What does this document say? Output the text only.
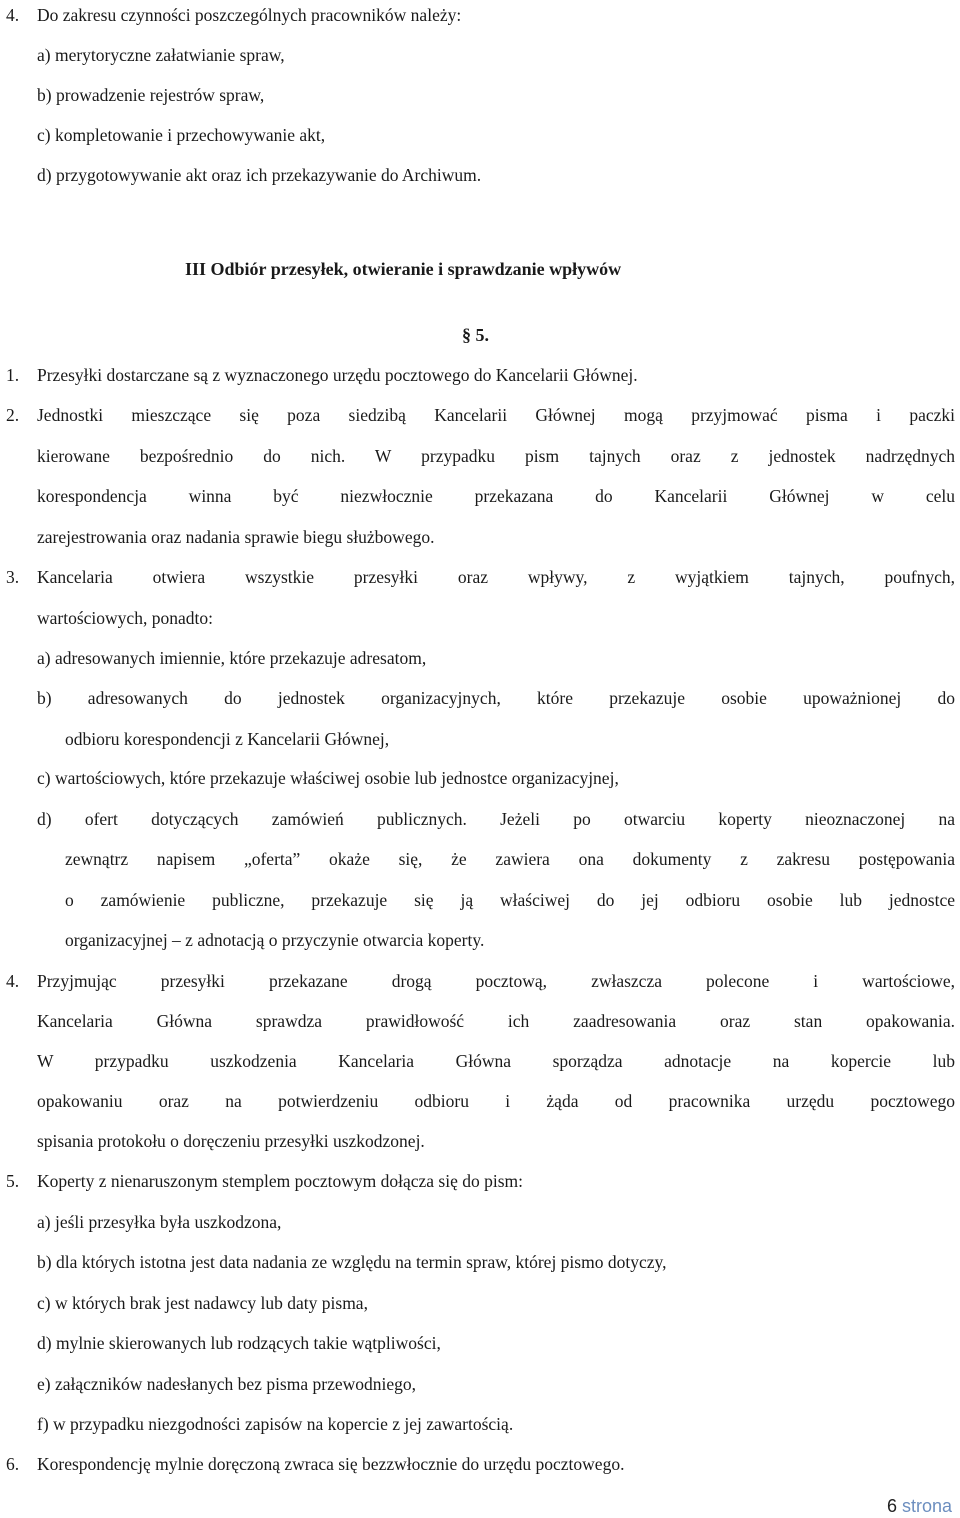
4. Do zakresu czynności poszczególnych pracowników należy:
a) merytoryczne załatwianie spraw,
b) prowadzenie rejestrów spraw,
c) kompletowanie i przechowywanie akt,
d) przygotowywanie akt oraz ich przekazywanie do Archiwum.
III Odbiór przesyłek, otwieranie i sprawdzanie wpływów
§ 5.
1. Przesyłki dostarczane są z wyznaczonego urzędu pocztowego do Kancelarii Głównej.
2. Jednostki mieszczące się poza siedzibą Kancelarii Głównej mogą przyjmować pisma i paczki
kierowane bezpośrednio do nich. W przypadku pism tajnych oraz z jednostek nadrzędnych
korespondencja winna być niezwłocznie przekazana do Kancelarii Głównej w celu
zarejestrowania oraz nadania sprawie biegu służbowego.
3. Kancelaria otwiera wszystkie przesyłki oraz wpływy, z wyjątkiem tajnych, poufnych,
wartościowych, ponadto:
a) adresowanych imiennie, które przekazuje adresatom,
b) adresowanych do jednostek organizacyjnych, które przekazuje osobie upoważnionej do
odbioru korespondencji z Kancelarii Głównej,
c) wartościowych, które przekazuje właściwej osobie lub jednostce organizacyjnej,
d) ofert dotyczących zamówień publicznych. Jeżeli po otwarciu koperty nieoznaczonej na
zewnątrz napisem „oferta” okaże się, że zawiera ona dokumenty z zakresu postępowania
o zamówienie publiczne, przekazuje się ją właściwej do jej odbioru osobie lub jednostce
organizacyjnej – z adnotacją o przyczynie otwarcia koperty.
4. Przyjmując przesyłki przekazane drogą pocztową, zwłaszcza polecone i wartościowe,
Kancelaria Główna sprawdza prawidłowość ich zaadresowania oraz stan opakowania.
W przypadku uszkodzenia Kancelaria Główna sporządza adnotacje na kopercie lub
opakowaniu oraz na potwierdzeniu odbioru i żąda od pracownika urzędu pocztowego
spisania protokołu o doręczeniu przesyłki uszkodzonej.
5. Koperty z nienaruszonym stemplem pocztowym dołącza się do pism:
a) jeśli przesyłka była uszkodzona,
b) dla których istotna jest data nadania ze względu na termin spraw, której pismo dotyczy,
c) w których brak jest nadawcy lub daty pisma,
d) mylnie skierowanych lub rodzących takie wątpliwości,
e) załączników nadesłanych bez pisma przewodniego,
f) w przypadku niezgodności zapisów na kopercie z jej zawartością.
6. Korespondencję mylnie doręczoną zwraca się bezzwłocznie do urzędu pocztowego.
6 strona
